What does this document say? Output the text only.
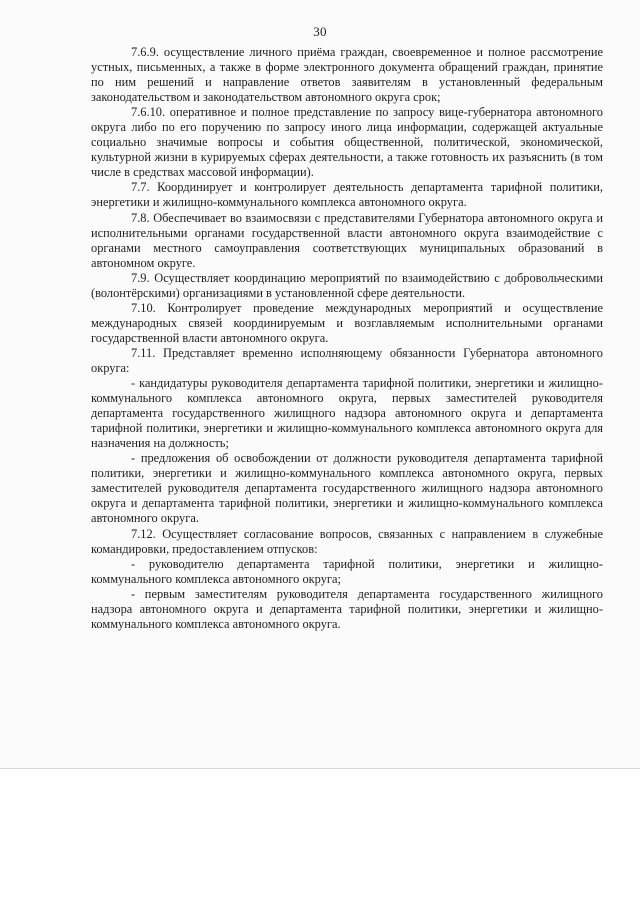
30

7.6.9. осуществление личного приёма граждан, своевременное и полное рассмотрение устных, письменных, а также в форме электронного документа обращений граждан, принятие по ним решений и направление ответов заявителям в установленный федеральным законодательством и законодательством автономного округа срок;

7.6.10. оперативное и полное представление по запросу вице-губернатора автономного округа либо по его поручению по запросу иного лица информации, содержащей актуальные социально значимые вопросы и события общественной, политической, экономической, культурной жизни в курируемых сферах деятельности, а также готовность их разъяснить (в том числе в средствах массовой информации).

7.7. Координирует и контролирует деятельность департамента тарифной политики, энергетики и жилищно-коммунального комплекса автономного округа.

7.8. Обеспечивает во взаимосвязи с представителями Губернатора автономного округа и исполнительными органами государственной власти автономного округа взаимодействие с органами местного самоуправления соответствующих муниципальных образований в автономном округе.

7.9. Осуществляет координацию мероприятий по взаимодействию с добровольческими (волонтёрскими) организациями в установленной сфере деятельности.

7.10. Контролирует проведение международных мероприятий и осуществление международных связей координируемым и возглавляемым исполнительными органами государственной власти автономного округа.

7.11. Представляет временно исполняющему обязанности Губернатора автономного округа:

- кандидатуры руководителя департамента тарифной политики, энергетики и жилищно-коммунального комплекса автономного округа, первых заместителей руководителя департамента государственного жилищного надзора автономного округа и департамента тарифной политики, энергетики и жилищно-коммунального комплекса автономного округа для назначения на должность;

- предложения об освобождении от должности руководителя департамента тарифной политики, энергетики и жилищно-коммунального комплекса автономного округа, первых заместителей руководителя департамента государственного жилищного надзора автономного округа и департамента тарифной политики, энергетики и жилищно-коммунального комплекса автономного округа.

7.12. Осуществляет согласование вопросов, связанных с направлением в служебные командировки, предоставлением отпусков:

- руководителю департамента тарифной политики, энергетики и жилищно-коммунального комплекса автономного округа;

- первым заместителям руководителя департамента государственного жилищного надзора автономного округа и департамента тарифной политики, энергетики и жилищно-коммунального комплекса автономного округа.
